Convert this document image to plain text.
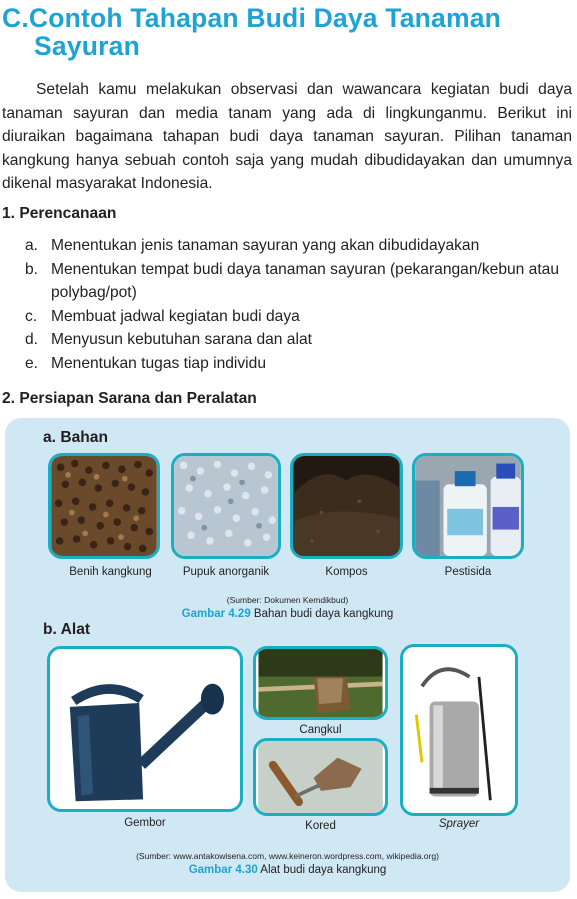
C.Contoh Tahapan Budi Daya Tanaman
Sayuran
Setelah kamu melakukan observasi dan wawancara kegiatan budi daya tanaman sayuran dan media tanam yang ada di lingkunganmu. Berikut ini diuraikan bagaimana tahapan budi daya tanaman sayuran. Pilihan tanaman kangkung hanya sebuah contoh saja yang mudah dibudidayakan dan umumnya dikenal masyarakat Indonesia.
1. Perencanaan
a. Menentukan jenis tanaman sayuran yang akan dibudidayakan
b. Menentukan tempat budi daya tanaman sayuran (pekarangan/kebun atau polybag/pot)
c. Membuat jadwal kegiatan budi daya
d. Menyusun kebutuhan sarana dan alat
e. Menentukan tugas tiap individu
2. Persiapan Sarana dan Peralatan
a. Bahan
Benih kangkung	Pupuk anorganik	Kompos	Pestisida
(Sumber: Dokumen Kemdikbud)
Gambar 4.29 Bahan budi daya kangkung
b. Alat
Cangkul
Gembor	Kored	Sprayer
(Sumber: www.antakowisena.com, www.keineron.wordpress.com, wikipedia.org)
Gambar 4.30 Alat budi daya kangkung
